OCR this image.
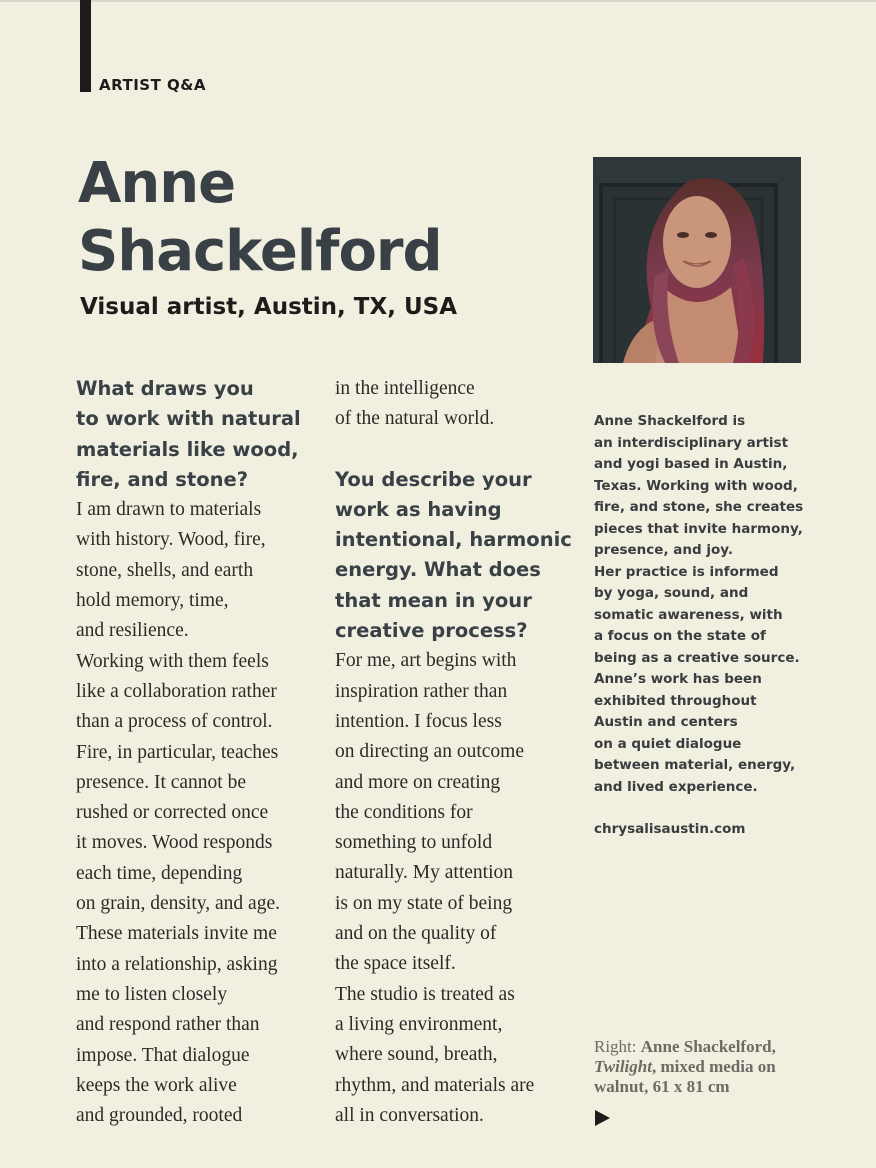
ARTIST Q&A
Anne
Shackelford
Visual artist, Austin, TX, USA
What draws you
to work with natural
materials like wood,
fire, and stone?
I am drawn to materials
with history. Wood, fire,
stone, shells, and earth
hold memory, time,
and resilience.
Working with them feels
like a collaboration rather
than a process of control.
Fire, in particular, teaches
presence. It cannot be
rushed or corrected once
it moves. Wood responds
each time, depending
on grain, density, and age.
These materials invite me
into a relationship, asking
me to listen closely
and respond rather than
impose. That dialogue
keeps the work alive
and grounded, rooted
in the intelligence
of the natural world.
You describe your
work as having
intentional, harmonic
energy. What does
that mean in your
creative process?
For me, art begins with
inspiration rather than
intention. I focus less
on directing an outcome
and more on creating
the conditions for
something to unfold
naturally. My attention
is on my state of being
and on the quality of
the space itself.
The studio is treated as
a living environment,
where sound, breath,
rhythm, and materials are
all in conversation.
Anne Shackelford is
an interdisciplinary artist
and yogi based in Austin,
Texas. Working with wood,
fire, and stone, she creates
pieces that invite harmony,
presence, and joy.
Her practice is informed
by yoga, sound, and
somatic awareness, with
a focus on the state of
being as a creative source.
Anne’s work has been
exhibited throughout
Austin and centers
on a quiet dialogue
between material, energy,
and lived experience.
chrysalisaustin.com
Right: Anne Shackelford,
Twilight, mixed media on
walnut, 61 x 81 cm
